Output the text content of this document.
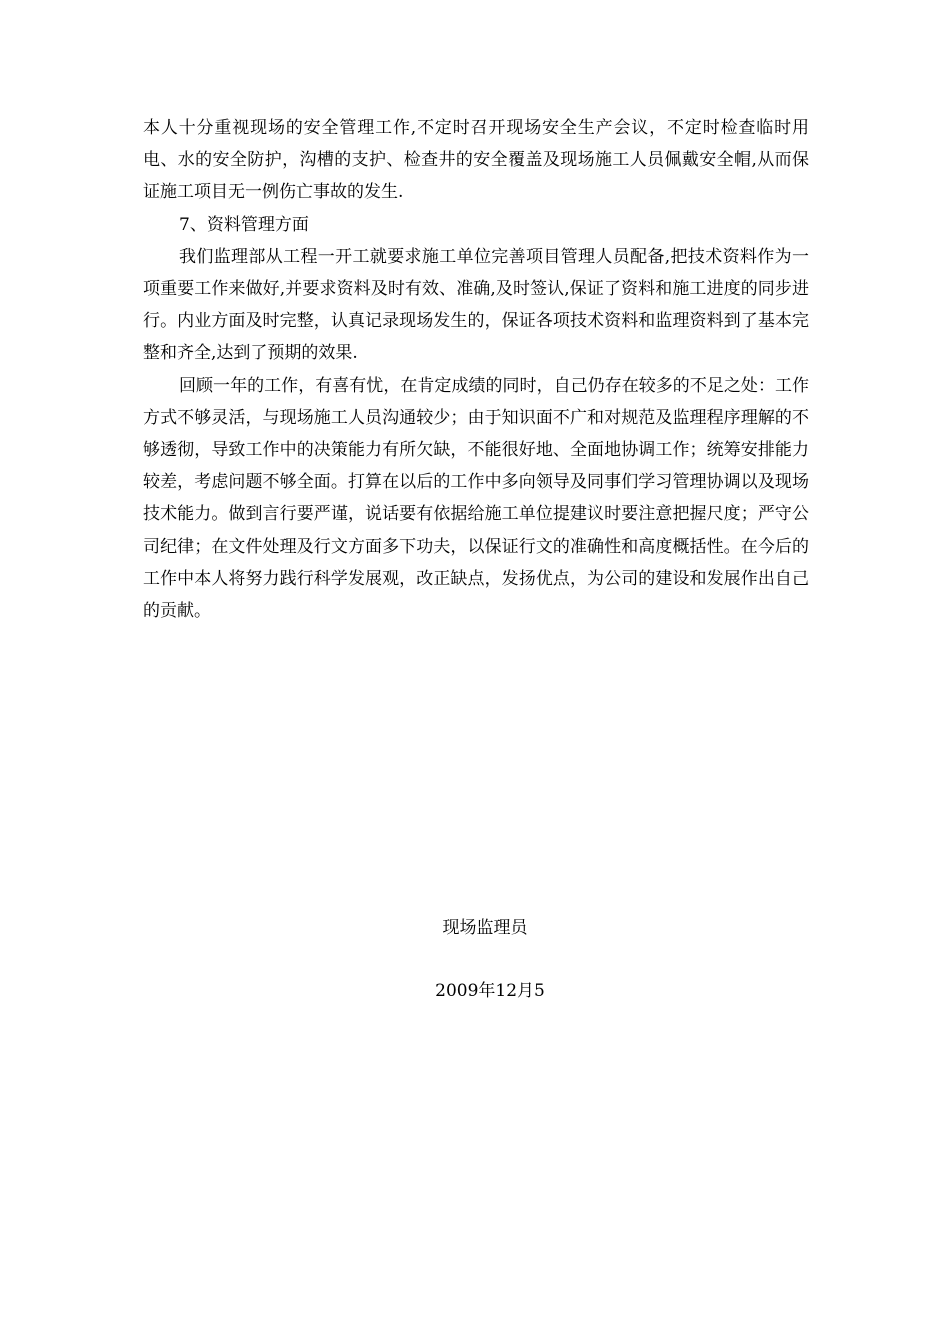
本人十分重视现场的安全管理工作,不定时召开现场安全生产会议，不定时检查临时用电、水的安全防护，沟槽的支护、检查井的安全覆盖及现场施工人员佩戴安全帽,从而保证施工项目无一例伤亡事故的发生.

7、资料管理方面

我们监理部从工程一开工就要求施工单位完善项目管理人员配备,把技术资料作为一项重要工作来做好,并要求资料及时有效、准确,及时签认,保证了资料和施工进度的同步进行。内业方面及时完整，认真记录现场发生的，保证各项技术资料和监理资料到了基本完整和齐全,达到了预期的效果.

回顾一年的工作，有喜有忧，在肯定成绩的同时，自己仍存在较多的不足之处：工作方式不够灵活，与现场施工人员沟通较少；由于知识面不广和对规范及监理程序理解的不够透彻，导致工作中的决策能力有所欠缺，不能很好地、全面地协调工作；统筹安排能力较差，考虑问题不够全面。打算在以后的工作中多向领导及同事们学习管理协调以及现场技术能力。做到言行要严谨，说话要有依据给施工单位提建议时要注意把握尺度；严守公司纪律；在文件处理及行文方面多下功夫，以保证行文的准确性和高度概括性。在今后的工作中本人将努力践行科学发展观，改正缺点，发扬优点，为公司的建设和发展作出自己的贡献。

现场监理员
2009年12月5
